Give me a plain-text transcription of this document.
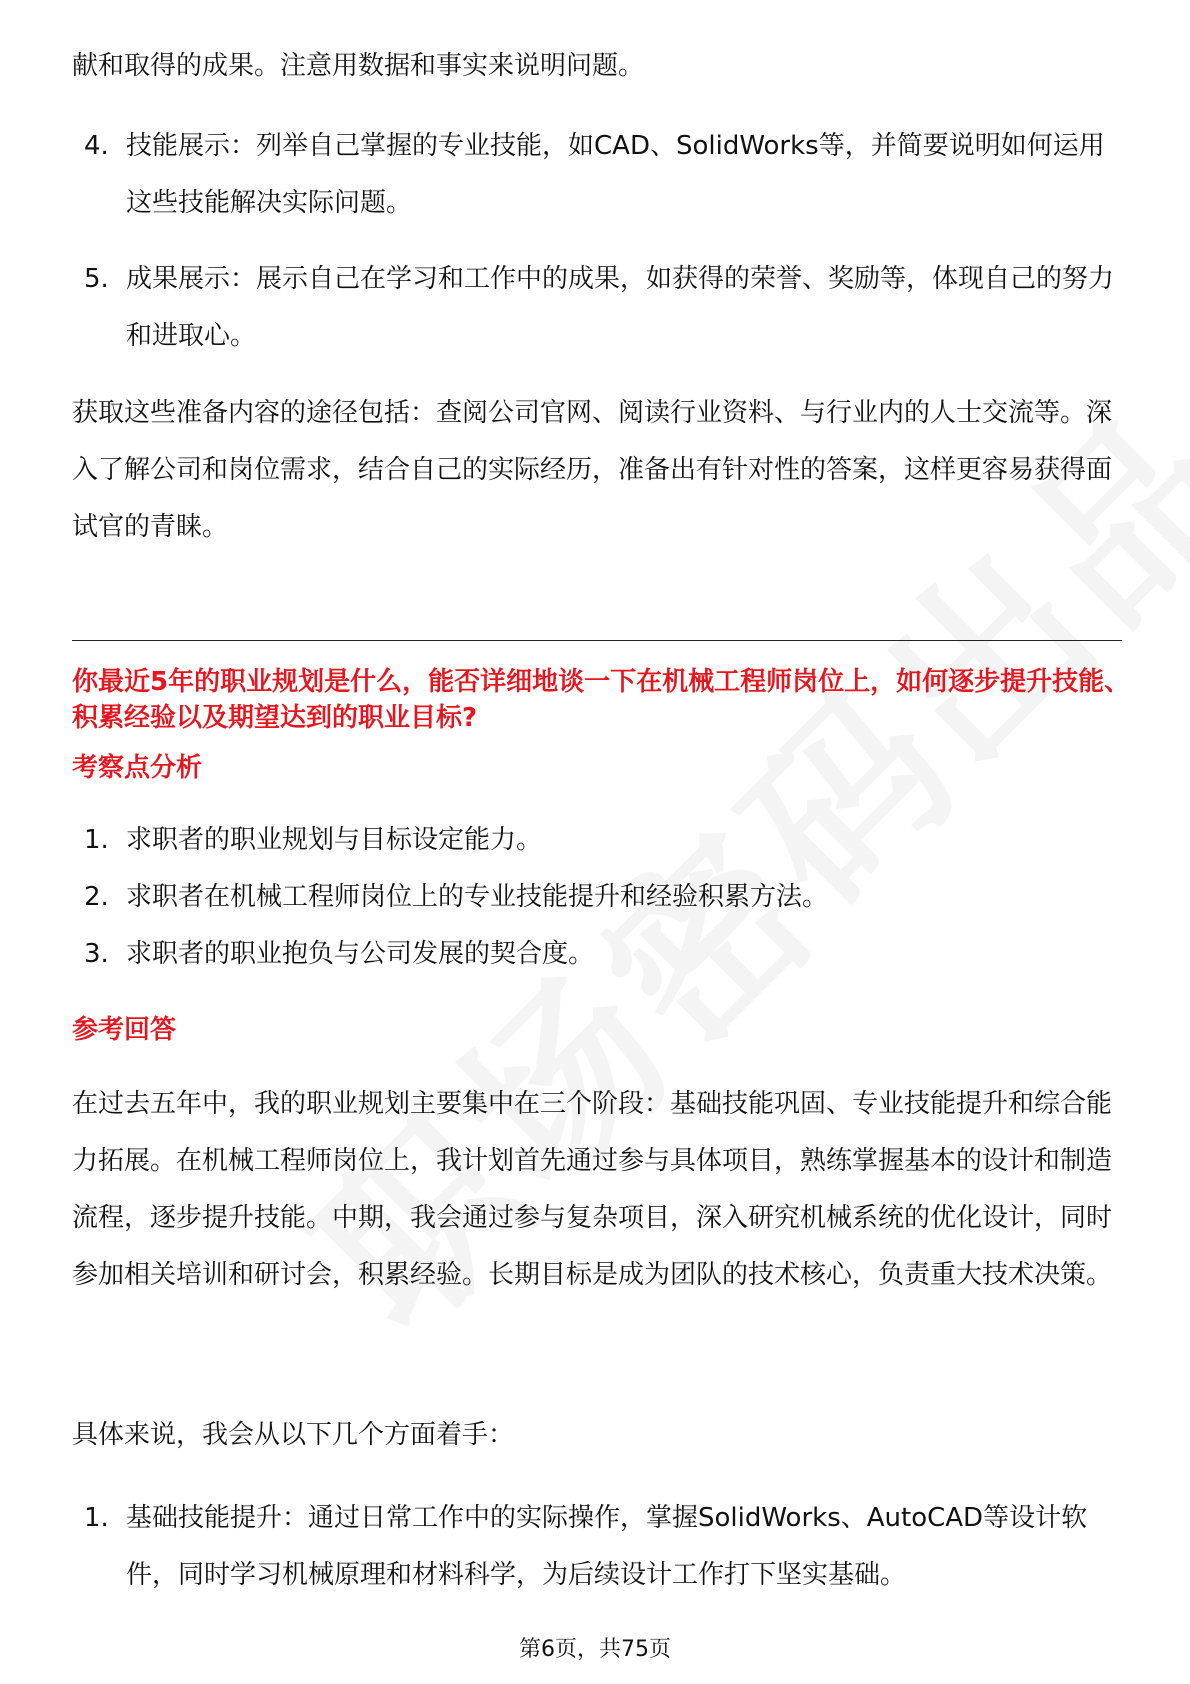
献和取得的成果。注意用数据和事实来说明问题。

4. 技能展示：列举自己掌握的专业技能，如CAD、SolidWorks等，并简要说明如何运用这些技能解决实际问题。
5. 成果展示：展示自己在学习和工作中的成果，如获得的荣誉、奖励等，体现自己的努力和进取心。

获取这些准备内容的途径包括：查阅公司官网、阅读行业资料、与行业内的人士交流等。深入了解公司和岗位需求，结合自己的实际经历，准备出有针对性的答案，这样更容易获得面试官的青睐。

你最近5年的职业规划是什么，能否详细地谈一下在机械工程师岗位上，如何逐步提升技能、积累经验以及期望达到的职业目标?

考察点分析

1. 求职者的职业规划与目标设定能力。
2. 求职者在机械工程师岗位上的专业技能提升和经验积累方法。
3. 求职者的职业抱负与公司发展的契合度。

参考回答

在过去五年中，我的职业规划主要集中在三个阶段：基础技能巩固、专业技能提升和综合能力拓展。在机械工程师岗位上，我计划首先通过参与具体项目，熟练掌握基本的设计和制造流程，逐步提升技能。中期，我会通过参与复杂项目，深入研究机械系统的优化设计，同时参加相关培训和研讨会，积累经验。长期目标是成为团队的技术核心，负责重大技术决策。

具体来说，我会从以下几个方面着手：

1. 基础技能提升：通过日常工作中的实际操作，掌握SolidWorks、AutoCAD等设计软件，同时学习机械原理和材料科学，为后续设计工作打下坚实基础。
第6页，共75页
